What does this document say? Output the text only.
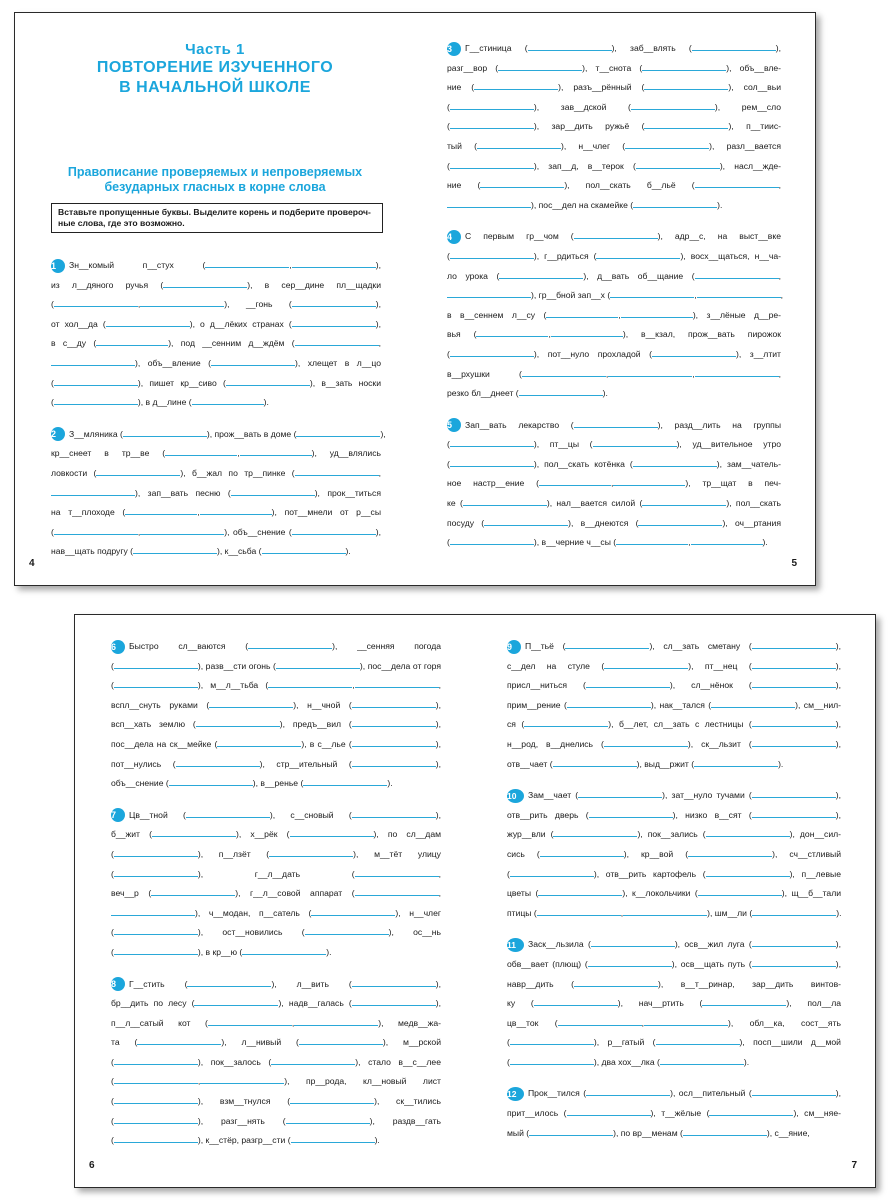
Часть 1
ПОВТОРЕНИЕ ИЗУЧЕННОГО
В НАЧАЛЬНОЙ ШКОЛЕ
Правописание проверяемых и непроверяемых
безударных гласных в корне слова
Вставьте пропущенные буквы. Выделите корень и подберите провероч-
ные слова, где это возможно.
1 Зн__комый п__стух (	,	),
из л__дяного ручья (	), в сер__дине пл__щадки
(	,	), __гонь (	),
от хол__да (	), о д__лёких странах (	),
в с__ду (	), под __сенним д__ждём (	,
), объ__вление (	), хлещет в л__цо
(	), пишет кр__сиво (	), в__зать носки
(	), в д__лине (	).
2 З__мляника (	), прож__вать в доме (	),
кр__снеет в тр__ве (	,	), уд__влялись
ловкости (	), б__жал по тр__пинке (	,
), зап__вать песню (	), прок__титься
на т__плоходе (	,	), пот__мнели от р__сы
(	,	), объ__снение (	),
нав__щать подругу (	), к__сьба (	).
4
3 Г__стиница (	), заб__влять (	),
разг__вор (	), т__снота (	), объ__вле-
ние (	), разъ__рённый (	), сол__вьи
(	), зав__дской (	), рем__сло
(	), зар__дить ружьё (	), п__тиис-
тый (	), н__члег (	), разл__вается
(	), зап__д, в__терок (	), насл__жде-
ние (	), пол__скать б__льё (	,
), пос__дел на скамейке (	).
4 С первым гр__чом (	), адр__с, на выст__вке
(	), г__рдиться (	), восх__щаться, н__ча-
ло урока (	), д__вать об__щание (	,
), гр__бной зап__х (	,	,
в в__сеннем л__су (	,	), з__лёные д__ре-
вья (	,	), в__кзал, прож__вать пирожок
(	), пот__нуло прохладой (	), з__лтит
в__рхушки (	,	,	,
резко бл__днеет (	).
5 Зап__вать лекарство (	), разд__лить на группы
(	), пт__цы (	), уд__вительное утро
(	), пол__скать котёнка (	), зам__чатель-
ное настр__ение (	,	), тр__щат в печ-
ке (	), нал__вается силой (	), пол__скать
посуду (	), в__днеются (	), оч__ртания
(	), в__черние ч__сы (	,	).
5
6 Быстро сл__ваются (	), __сенняя погода
(	), разв__сти огонь (	), пос__дела от горя
(	), м__л__тьба (	,	,
вспл__снуть руками (	), н__чной (	),
всп__хать землю (	), предъ__вил (	),
пос__дела на ск__мейке (	), в с__лье (	),
пот__нулись (	), стр__ительный (	),
объ__снение (	), в__ренье (	).
7 Цв__тной (	), с__сновый (	),
б__жит (	), х__рёк (	), по сл__дам
(	), п__лзёт (	), м__тёт улицу
(	), г__л__дать (	,
веч__р (	), г__л__совой аппарат (	,
), ч__модан, п__сатель (	), н__члег
(	), ост__новились (	), ос__нь
(	), в кр__ю (	).
8 Г__стить (	), л__вить (	),
бр__дить по лесу (	), надв__галась (	),
п__л__сатый кот (	,	), медв__жа-
та (	), л__нивый (	), м__рской
(	), пок__залось (	), стало в__с__лее
(	,	), пр__рода, кл__новый лист
(	), взм__тнулся (	), ск__тились
(	), разг__нять (	), раздв__гать
(	), к__стёр, разгр__сти (	).
6
9 П__тьё (	), сл__зать сметану (	),
с__дел на стуле (	), пт__нец (	),
присл__ниться (	), сл__нёнок (	),
прим__рение (	), нак__тался (	), см__нил-
ся (	), б__лет, сл__зать с лестницы (	),
н__род, в__днелись (	), ск__льзит (	),
отв__чает (	), выд__ржит (	).
10 Зам__чает (	), зат__нуло тучами (	),
отв__рить дверь (	), низко в__сят (	),
жур__вли (	), пок__зались (	), дон__сил-
сись (	), кр__вой (	), сч__стливый
(	), отв__рить картофель (	), п__левые
цветы (	), к__локольчики (	), щ__б__тали
птицы (	,	), шм__ли (	).
11 Заск__льзила (	), осв__жил луга (	),
обв__вает (плющ) (	), осв__щать путь (	),
навр__дить (	), в__т__ринар, зар__дить винтов-
ку (	), нач__ртить (	), пол__ла
цв__ток (	,	), обл__ка, сост__ять
(	), р__гатый (	), посп__шили д__мой
(	), два хох__лка (	).
12 Прок__тился (	), осл__пительный (	),
прит__илось (	), т__жёлые (	), см__няе-
мый (	), по вр__менам (	), с__яние,
7
